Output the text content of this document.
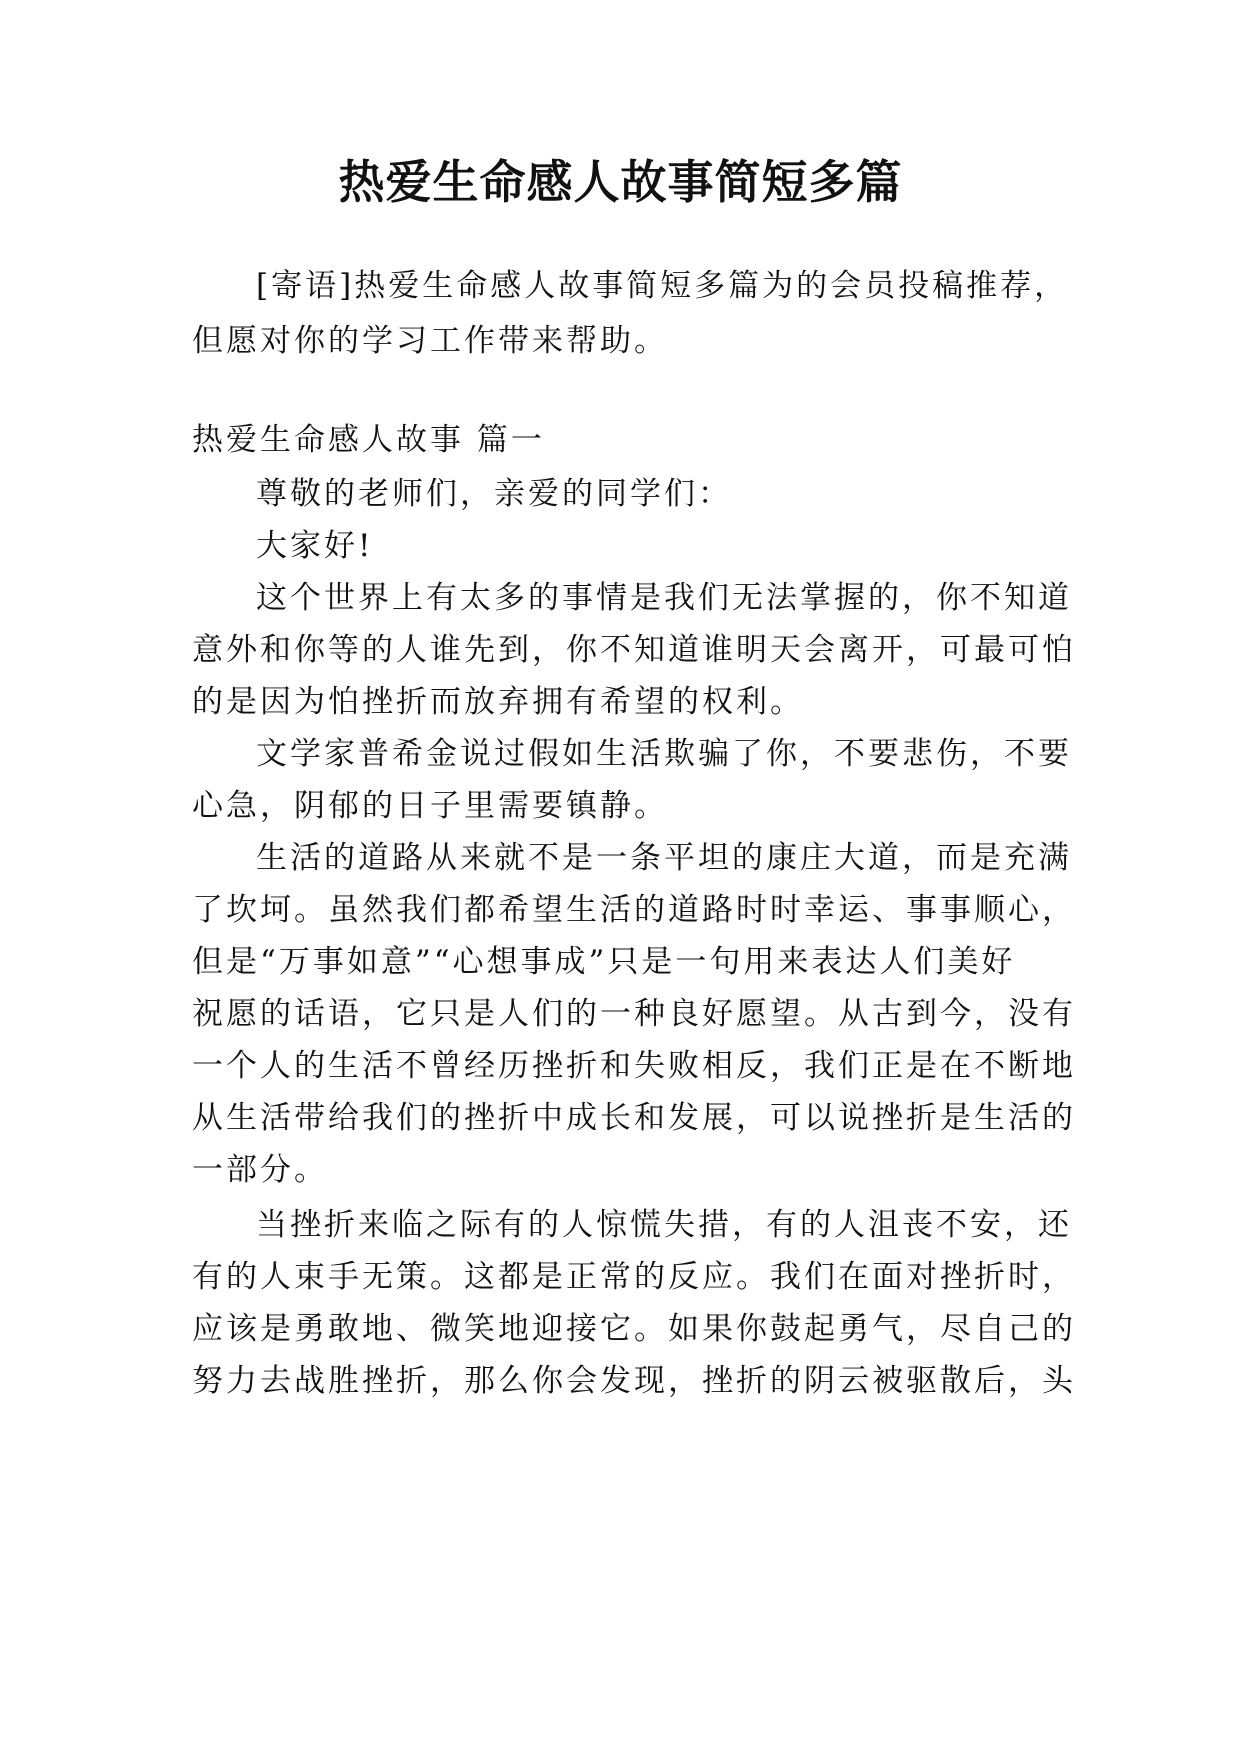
热爱生命感人故事简短多篇
[寄语]热爱生命感人故事简短多篇为的会员投稿推荐，
但愿对你的学习工作带来帮助。
热爱生命感人故事 篇一
尊敬的老师们，亲爱的同学们：
大家好!
这个世界上有太多的事情是我们无法掌握的，你不知道
意外和你等的人谁先到，你不知道谁明天会离开，可最可怕
的是因为怕挫折而放弃拥有希望的权利。
文学家普希金说过假如生活欺骗了你，不要悲伤，不要
心急，阴郁的日子里需要镇静。
生活的道路从来就不是一条平坦的康庄大道，而是充满
了坎坷。虽然我们都希望生活的道路时时幸运、事事顺心，
但是“万事如意”“心想事成”只是一句用来表达人们美好
祝愿的话语，它只是人们的一种良好愿望。从古到今，没有
一个人的生活不曾经历挫折和失败相反，我们正是在不断地
从生活带给我们的挫折中成长和发展，可以说挫折是生活的
一部分。
当挫折来临之际有的人惊慌失措，有的人沮丧不安，还
有的人束手无策。这都是正常的反应。我们在面对挫折时，
应该是勇敢地、微笑地迎接它。如果你鼓起勇气，尽自己的
努力去战胜挫折，那么你会发现，挫折的阴云被驱散后，头
